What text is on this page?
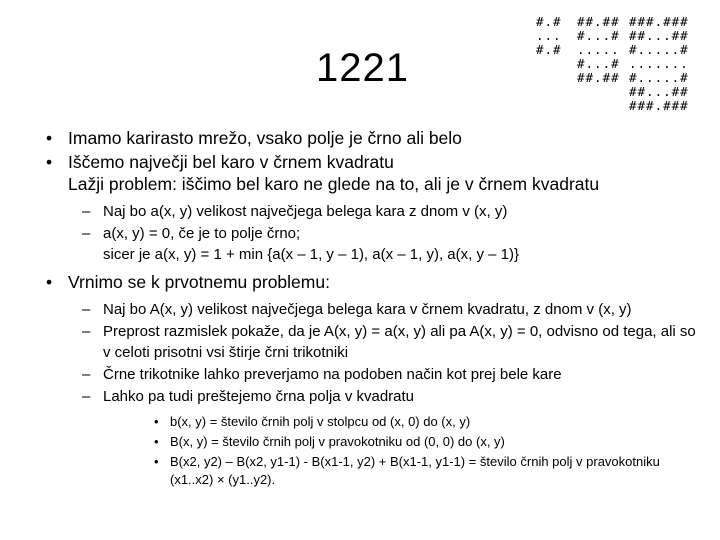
1221
#.#
...
#.#
##.##
#...#
.....
#...#
##.##
###.###
##...##
#.....#
.......
#.....#
##...##
###.###
• Imamo karirasto mrežo, vsako polje je črno ali belo
• Iščemo največji bel karo v črnem kvadratu
Lažji problem: iščimo bel karo ne glede na to, ali je v črnem kvadratu
– Naj bo a(x, y) velikost največjega belega kara z dnom v (x, y)
– a(x, y) = 0, če je to polje črno;
sicer je a(x, y) = 1 + min {a(x – 1, y – 1), a(x – 1, y), a(x, y – 1)}
• Vrnimo se k prvotnemu problemu:
– Naj bo A(x, y) velikost največjega belega kara v črnem kvadratu, z dnom v (x, y)
– Preprost razmislek pokaže, da je A(x, y) = a(x, y) ali pa A(x, y) = 0, odvisno od tega, ali so v celoti prisotni vsi štirje črni trikotniki
– Črne trikotnike lahko preverjamo na podoben način kot prej bele kare
– Lahko pa tudi preštejemo črna polja v kvadratu
• b(x, y) = število črnih polj v stolpcu od (x, 0) do (x, y)
• B(x, y) = število črnih polj v pravokotniku od (0, 0) do (x, y)
• B(x2, y2) – B(x2, y1-1) - B(x1-1, y2) + B(x1-1, y1-1) = število črnih polj v pravokotniku (x1..x2) × (y1..y2).
